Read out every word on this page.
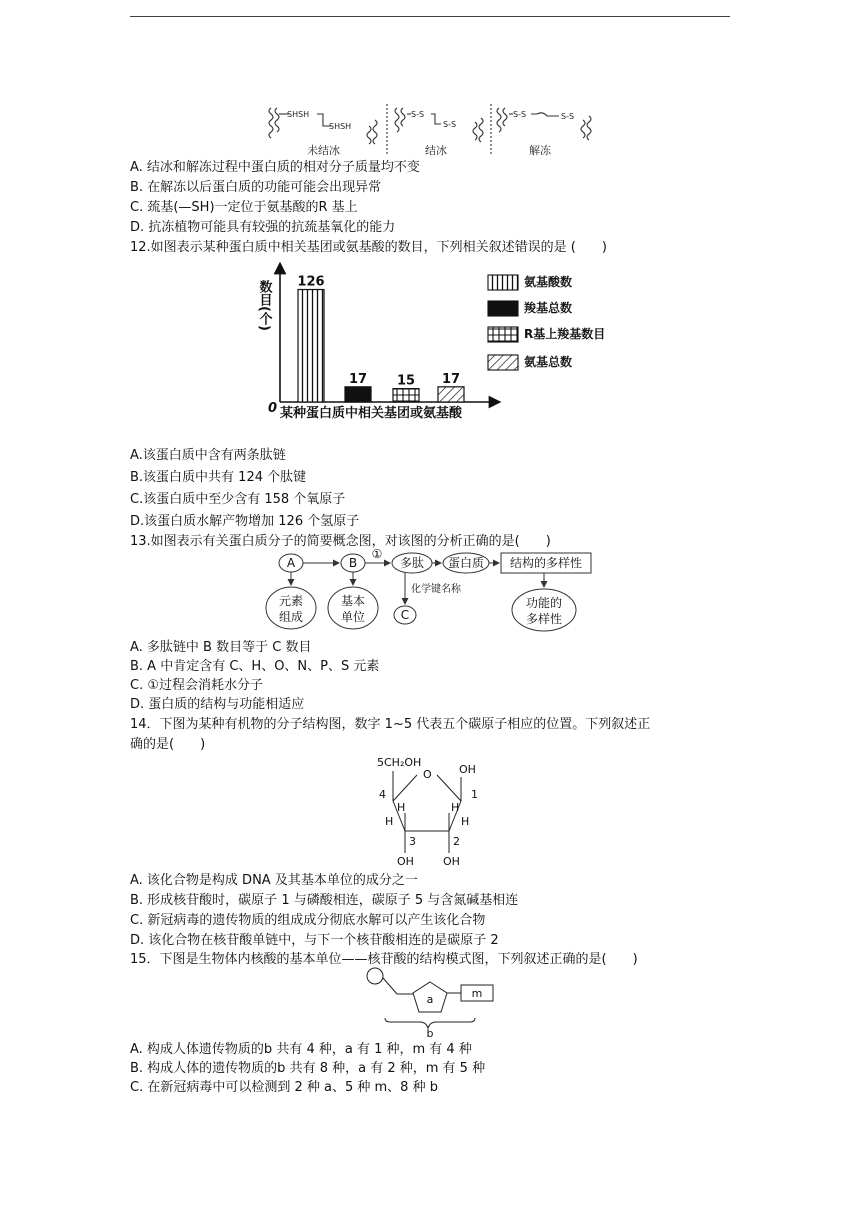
SHSH
SHSH
S-S
S-S
S-S	S-S
未结冰	结冰	解冻
A. 结冰和解冻过程中蛋白质的相对分子质量均不变
B. 在解冻以后蛋白质的功能可能会出现异常
C. 巯基(—SH)一定位于氨基酸的R 基上
D. 抗冻植物可能具有较强的抗巯基氧化的能力
12.如图表示某种蛋白质中相关基团或氨基酸的数目，下列相关叙述错误的是 (　　)
数目(个)
0 某种蛋白质中相关基团或氨基酸
126
17 15 17
氨基酸数
羧基总数
R基上羧基数目
氨基总数
A.该蛋白质中含有两条肽链
B.该蛋白质中共有 124 个肽键
C.该蛋白质中至少含有 158 个氧原子
D.该蛋白质水解产物增加 126 个氢原子
13.如图表示有关蛋白质分子的简要概念图，对该图的分析正确的是(　　)
A	B
①
多肽 蛋白质 结构的多样性
元素
组成
基本
单位	C
功能的
多样性
化学键名称
A. 多肽链中 B 数目等于 C 数目
B. A 中肯定含有 C、H、O、N、P、S 元素
C. ①过程会消耗水分子
D. 蛋白质的结构与功能相适应
14．下图为某种有机物的分子结构图，数字 1~5 代表五个碳原子相应的位置。下列叙述正
确的是(　　)
5CH₂OH
O OH
4	1
H	H
H	H
3	2
OH	OH
A. 该化合物是构成 DNA 及其基本单位的成分之一
B. 形成核苷酸时，碳原子 1 与磷酸相连，碳原子 5 与含氮碱基相连
C. 新冠病毒的遗传物质的组成成分彻底水解可以产生该化合物
D. 该化合物在核苷酸单链中，与下一个核苷酸相连的是碳原子 2
15．下图是生物体内核酸的基本单位——核苷酸的结构模式图，下列叙述正确的是(　　)
a	m
b
A. 构成人体遗传物质的b 共有 4 种，a 有 1 种，m 有 4 种
B. 构成人体的遗传物质的b 共有 8 种，a 有 2 种，m 有 5 种
C. 在新冠病毒中可以检测到 2 种 a、5 种 m、8 种 b
